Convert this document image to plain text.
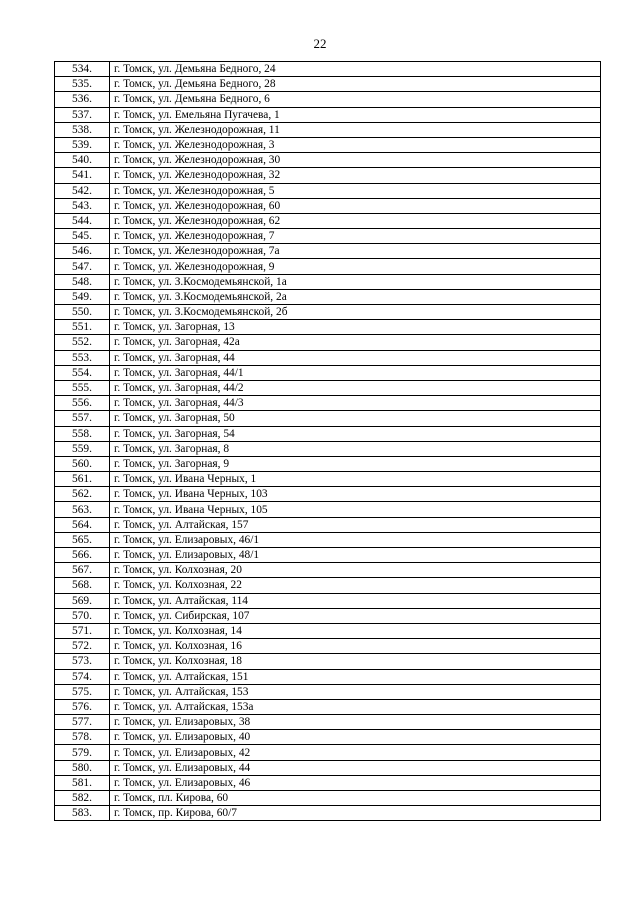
22
534.	г. Томск, ул. Демьяна Бедного, 24
535.	г. Томск, ул. Демьяна Бедного, 28
536.	г. Томск, ул. Демьяна Бедного, 6
537.	г. Томск, ул. Емельяна Пугачева, 1
538.	г. Томск, ул. Железнодорожная, 11
539.	г. Томск, ул. Железнодорожная, 3
540.	г. Томск, ул. Железнодорожная, 30
541.	г. Томск, ул. Железнодорожная, 32
542.	г. Томск, ул. Железнодорожная, 5
543.	г. Томск, ул. Железнодорожная, 60
544.	г. Томск, ул. Железнодорожная, 62
545.	г. Томск, ул. Железнодорожная, 7
546.	г. Томск, ул. Железнодорожная, 7а
547.	г. Томск, ул. Железнодорожная, 9
548.	г. Томск, ул. З.Космодемьянской, 1а
549.	г. Томск, ул. З.Космодемьянской, 2а
550.	г. Томск, ул. З.Космодемьянской, 2б
551.	г. Томск, ул. Загорная, 13
552.	г. Томск, ул. Загорная, 42а
553.	г. Томск, ул. Загорная, 44
554.	г. Томск, ул. Загорная, 44/1
555.	г. Томск, ул. Загорная, 44/2
556.	г. Томск, ул. Загорная, 44/3
557.	г. Томск, ул. Загорная, 50
558.	г. Томск, ул. Загорная, 54
559.	г. Томск, ул. Загорная, 8
560.	г. Томск, ул. Загорная, 9
561.	г. Томск, ул. Ивана Черных, 1
562.	г. Томск, ул. Ивана Черных, 103
563.	г. Томск, ул. Ивана Черных, 105
564.	г. Томск, ул. Алтайская, 157
565.	г. Томск, ул. Елизаровых, 46/1
566.	г. Томск, ул. Елизаровых, 48/1
567.	г. Томск, ул. Колхозная, 20
568.	г. Томск, ул. Колхозная, 22
569.	г. Томск, ул. Алтайская, 114
570.	г. Томск, ул. Сибирская, 107
571.	г. Томск, ул. Колхозная, 14
572.	г. Томск, ул. Колхозная, 16
573.	г. Томск, ул. Колхозная, 18
574.	г. Томск, ул. Алтайская, 151
575.	г. Томск, ул. Алтайская, 153
576.	г. Томск, ул. Алтайская, 153а
577.	г. Томск, ул. Елизаровых, 38
578.	г. Томск, ул. Елизаровых, 40
579.	г. Томск, ул. Елизаровых, 42
580.	г. Томск, ул. Елизаровых, 44
581.	г. Томск, ул. Елизаровых, 46
582.	г. Томск, пл. Кирова, 60
583.	г. Томск, пр. Кирова, 60/7
